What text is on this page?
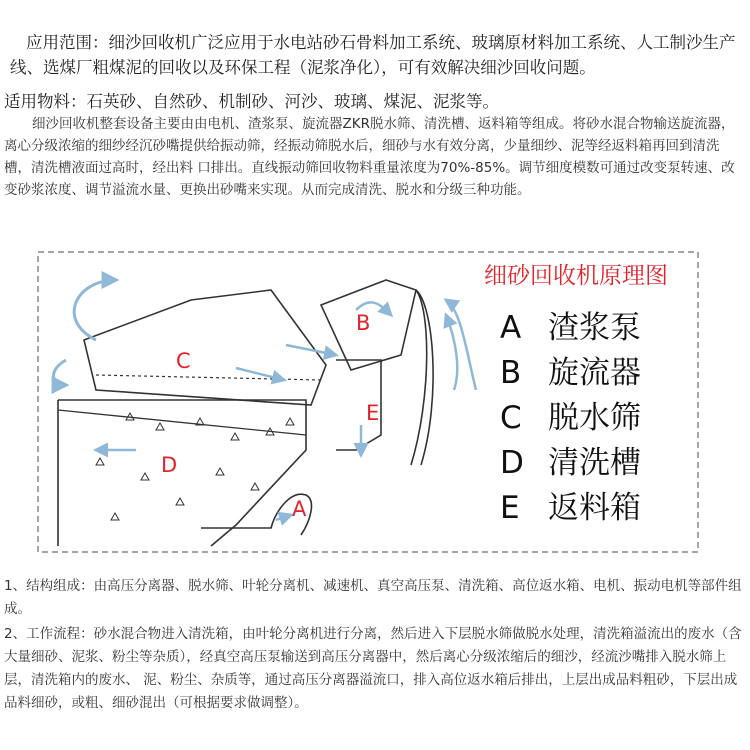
应用范围：细沙回收机广泛应用于水电站砂石骨料加工系统、玻璃原材料加工系统、人工制沙生产线、选煤厂粗煤泥的回收以及环保工程（泥浆净化），可有效解决细沙回收问题。

适用物料：石英砂、自然砂、机制砂、河沙、玻璃、煤泥、泥浆等。

细沙回收机整套设备主要由由电机、渣浆泵、旋流器ZKR脱水筛、清洗槽、返料箱等组成。将砂水混合物输送旋流器，离心分级浓缩的细纱经沉砂嘴提供给振动筛，经振动筛脱水后，细砂与水有效分离，少量细纱、泥等经返料箱再回到清洗槽，清洗槽液面过高时，经出料 口排出。直线振动筛回收物料重量浓度为70%-85%。调节细度模数可通过改变泵转速、改变砂浆浓度、调节溢流水量、更换出砂嘴来实现。从而完成清洗、脱水和分级三种功能。

C
B
E
D
A
细砂回收机原理图
A 渣浆泵
B 旋流器
C 脱水筛
D 清洗槽
E 返料箱

1、结构组成：由高压分离器、脱水筛、叶轮分离机、减速机、真空高压泵、清洗箱、高位返水箱、电机、振动电机等部件组成。

2、工作流程：砂水混合物进入清洗箱，由叶轮分离机进行分离，然后进入下层脱水筛做脱水处理，清洗箱溢流出的废水（含大量细砂、泥浆、粉尘等杂质），经真空高压泵输送到高压分离器中，然后离心分级浓缩后的细沙，经流沙嘴排入脱水筛上层，清洗箱内的废水、 泥、粉尘、杂质等，通过高压分离器溢流口，排入高位返水箱后排出，上层出成品料粗砂，下层出成品料细砂，或粗、细砂混出（可根据要求做调整）。
